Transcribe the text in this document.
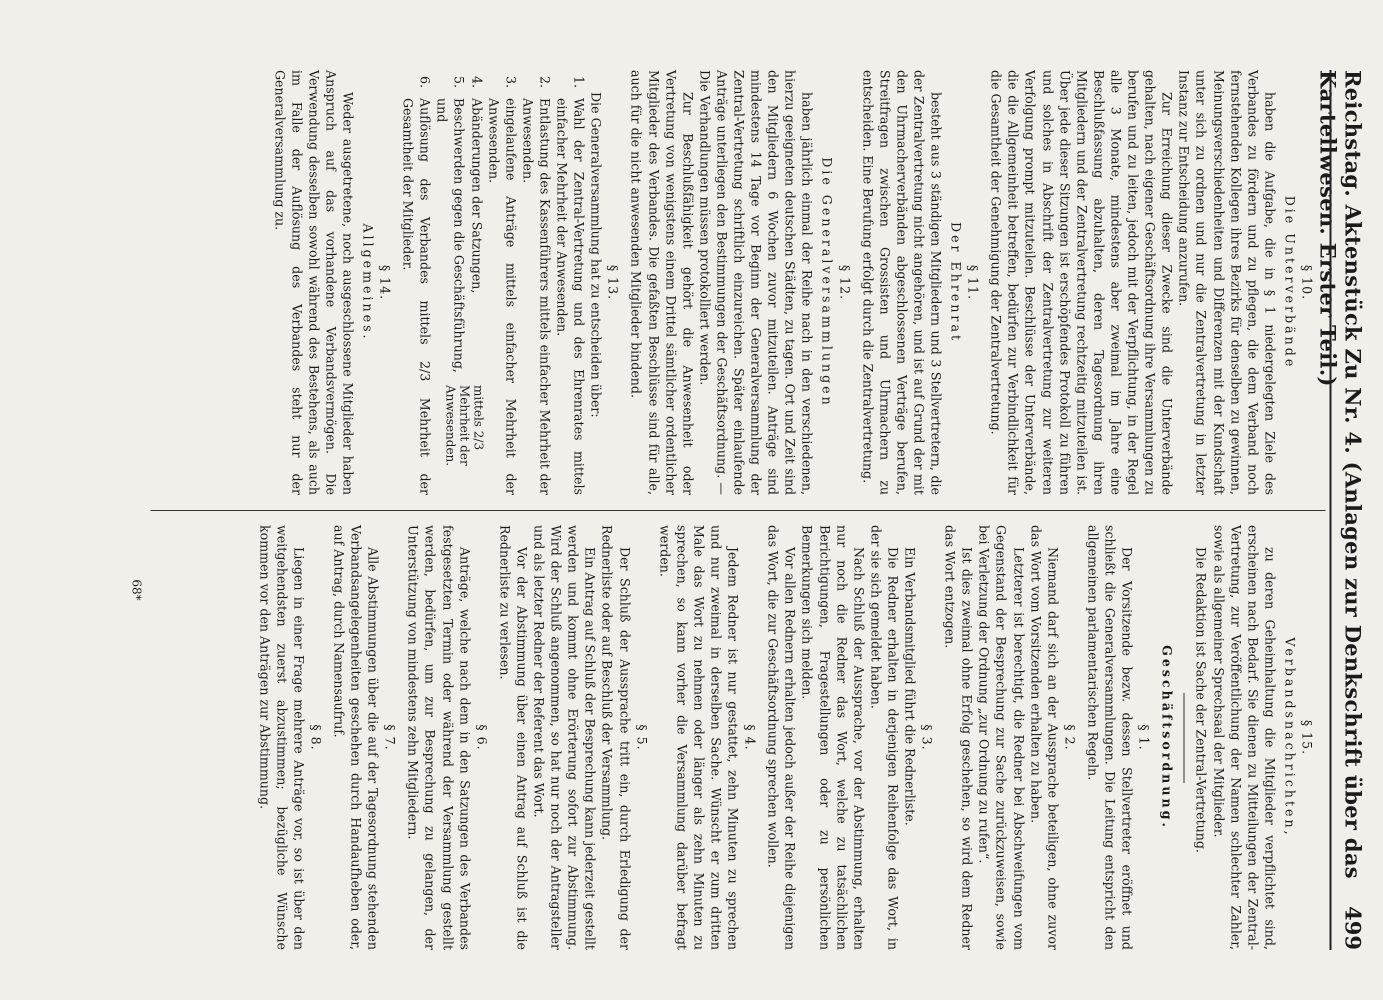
Reichstag. Aktenstück Zu Nr. 4. (Anlagen zur Denkschrift über das Kartellwesen. Erster Teil.)
499
§ 10.
Die Unterverbände

haben die Aufgabe, die in § 1 niedergelegten Ziele des Verbandes zu fördern und zu pflegen, die dem Verband noch fernstehenden Kollegen ihres Bezirks für denselben zu gewinnen, Meinungsverschiedenheiten und Differenzen mit der Kundschaft unter sich zu ordnen und nur die Zentralvertretung in letzter Instanz zur Entscheidung anzurufen.

Zur Erreichung dieser Zwecke sind die Unterverbände gehalten, nach eigener Geschäftsordnung ihre Versammlungen zu berufen und zu leiten, jedoch mit der Verpflichtung, in der Regel alle 3 Monate, mindestens aber zweimal im Jahre eine Beschlußfassung abzuhalten, deren Tagesordnung ihren Mitgliedern und der Zentralvertretung rechtzeitig mitzuteilen ist. Über jede dieser Sitzungen ist erschöpfendes Protokoll zu führen und solches in Abschrift der Zentralvertretung zur weiteren Verfolgung prompt mitzuteilen. Beschlüsse der Unterverbände, die die Allgemeinheit betreffen, bedürfen zur Verbindlichkeit für die Gesamtheit der Genehmigung der Zentralvertretung.

§ 11.
Der Ehrenrat

besteht aus 3 ständigen Mitgliedern und 3 Stellvertretern, die der Zentralvertretung nicht angehören, und ist auf Grund der mit den Uhrmacherverbänden abgeschlossenen Verträge berufen, Streitfragen zwischen Grossisten und Uhrmachern zu entscheiden. Eine Berufung erfolgt durch die Zentralvertretung.

§ 12.
Die Generalversammlungen

haben jährlich einmal der Reihe nach in den verschiedenen, hierzu geeigneten deutschen Städten, zu tagen. Ort und Zeit sind den Mitgliedern 6 Wochen zuvor mitzuteilen. Anträge sind mindestens 14 Tage vor Beginn der Generalversammlung der Zentral-Vertretung schriftlich einzureichen. Später einlaufende Anträge unterliegen den Bestimmungen der Geschäftsordnung. — Die Verhandlungen müssen protokolliert werden.

Zur Beschlußfähigkeit gehört die Anwesenheit oder Vertretung von wenigstens einem Drittel sämtlicher ordentlicher Mitglieder des Verbandes. Die gefaßten Beschlüsse sind für alle, auch für die nicht anwesenden Mitglieder bindend.

§ 13.

Die Generalversammlung hat zu entscheiden über:

1.
Wahl der Zentral-Vertretung und des Ehrenrates mittels einfacher Mehrheit der Anwesenden.
2.
Entlastung des Kassenführers mittels einfacher Mehrheit der Anwesenden.
3.
eingelaufene Anträge mittels einfacher Mehrheit der Anwesenden.
mittels 2/3 Mehrheit der Anwesenden.
4.
Abänderungen der Satzungen,
5.
Beschwerden gegen die Geschäftsführung,
und
6.
Auflösung des Verbandes mittels 2/3 Mehrheit der Gesamtheit der Mitglieder.
§ 14.
Allgemeines.

Weder ausgetretene, noch ausgeschlossene Mitglieder haben Anspruch auf das vorhandene Verbandsvermögen. Die Verwendung desselben sowohl während des Bestehens, als auch im Falle der Auflösung des Verbandes steht nur der Generalversammlung zu.

§ 15.
Verbandsnachrichten,

zu deren Geheimhaltung die Mitglieder verpflichtet sind, erscheinen nach Bedarf. Sie dienen zu Mitteilungen der Zentral-Vertretung, zur Veröffentlichung der Namen schlechter Zahler, sowie als allgemeiner Sprechsaal der Mitglieder.

Die Redaktion ist Sache der Zentral-Vertretung.

Geschäftsordnung.
§ 1.

Der Vorsitzende bezw. dessen Stellvertreter eröffnet und schließt die Generalversammlungen. Die Leitung entspricht den allgemeinen parlamentarischen Regeln.

§ 2.

Niemand darf sich an der Aussprache beteiligen, ohne zuvor das Wort vom Vorsitzenden erhalten zu haben.

Letzterer ist berechtigt, die Redner bei Abschweifungen vom Gegenstand der Besprechung zur Sache zurückzuweisen, sowie bei Verletzung der Ordnung „zur Ordnung zu rufen“.

Ist dies zweimal ohne Erfolg geschehen, so wird dem Redner das Wort entzogen.

§ 3.

Ein Verbandsmitglied führt die Rednerliste.

Die Redner erhalten in derjenigen Reihenfolge das Wort, in der sie sich gemeldet haben.

Nach Schluß der Aussprache, vor der Abstimmung, erhalten nur noch die Redner das Wort, welche zu tatsächlichen Berichtigungen, Fragestellungen oder zu persönlichen Bemerkungen sich melden.

Vor allen Rednern erhalten jedoch außer der Reihe diejenigen das Wort, die zur Geschäftsordnung sprechen wollen.

§ 4.

Jedem Redner ist nur gestattet, zehn Minuten zu sprechen und nur zweimal in derselben Sache. Wünscht er zum dritten Male das Wort zu nehmen oder länger als zehn Minuten zu sprechen, so kann vorher die Versammlung darüber befragt werden.

§ 5.

Der Schluß der Aussprache tritt ein, durch Erledigung der Rednerliste oder auf Beschluß der Versammlung.

Ein Antrag auf Schluß der Besprechung kann jederzeit gestellt werden und kommt ohne Erörterung sofort zur Abstimmung. Wird der Schluß angenommen, so hat nur noch der Antragsteller und als letzter Redner der Referent das Wort.

Vor der Abstimmung über einen Antrag auf Schluß ist die Rednerliste zu verlesen.

§ 6.

Anträge, welche nach dem in den Satzungen des Verbandes festgesetzten Termin oder während der Versammlung gestellt werden, bedürfen, um zur Besprechung zu gelangen, der Unterstützung von mindestens zehn Mitgliedern.

§ 7.

Alle Abstimmungen über die auf der Tagesordnung stehenden Verbandsangelegenheiten geschehen durch Handaufheben oder, auf Antrag, durch Namensaufruf.

§ 8.

Liegen in einer Frage mehrere Anträge vor, so ist über den weitgehendsten zuerst abzustimmen; bezügliche Wünsche kommen vor den Anträgen zur Abstimmung.

68*
